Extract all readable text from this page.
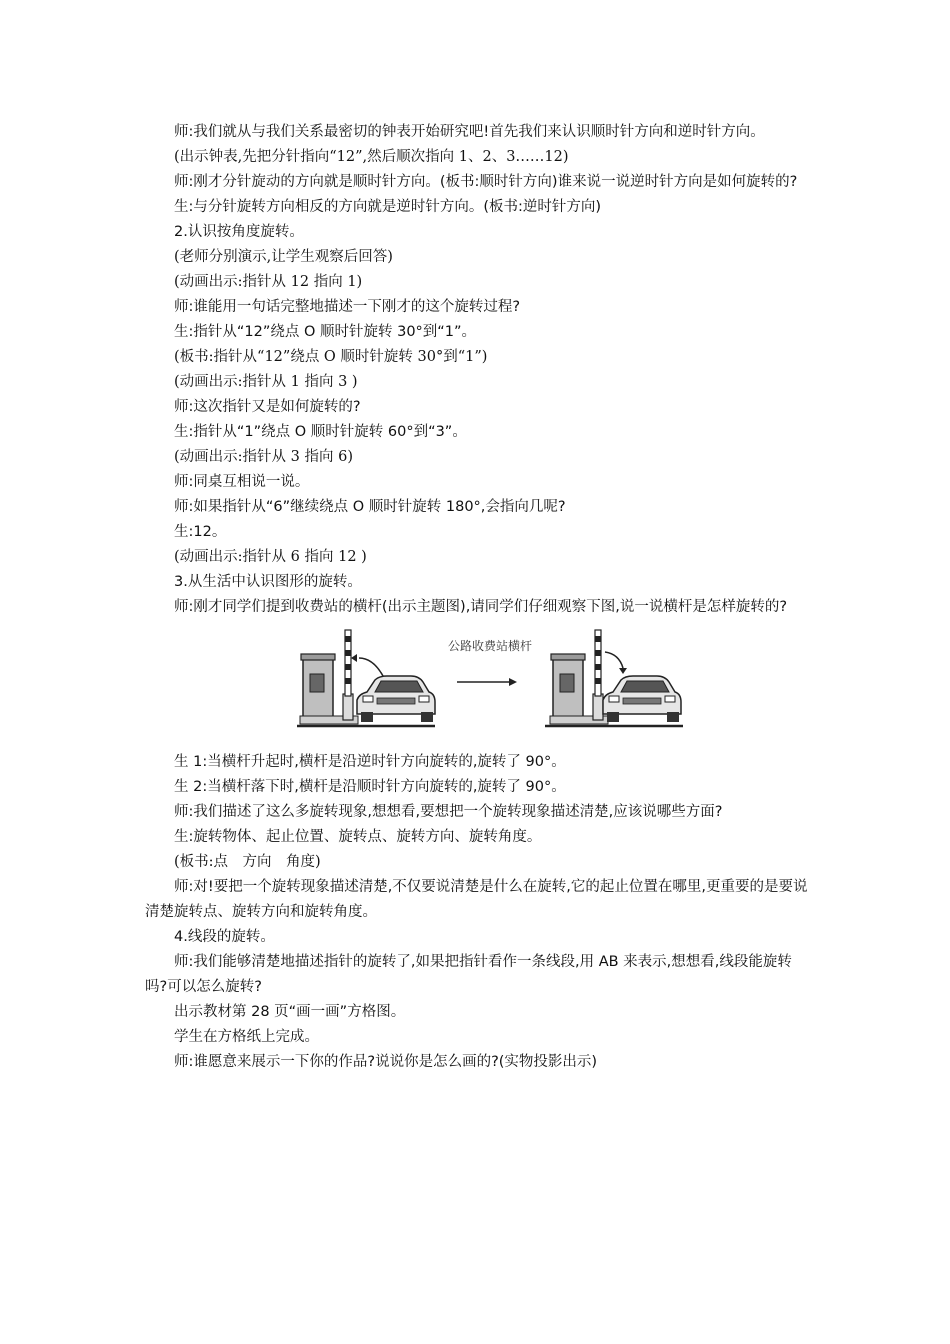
师:我们就从与我们关系最密切的钟表开始研究吧!首先我们来认识顺时针方向和逆时针方向。

(出示钟表,先把分针指向“12”,然后顺次指向 1、2、3……12)

师:刚才分针旋动的方向就是顺时针方向。(板书:顺时针方向)谁来说一说逆时针方向是如何旋转的?

生:与分针旋转方向相反的方向就是逆时针方向。(板书:逆时针方向)

2.认识按角度旋转。

(老师分别演示,让学生观察后回答)

(动画出示:指针从 12 指向 1)

师:谁能用一句话完整地描述一下刚才的这个旋转过程?

生:指针从“12”绕点 O 顺时针旋转 30°到“1”。

(板书:指针从“12”绕点 O 顺时针旋转 30°到“1”)

(动画出示:指针从 1 指向 3 )

师:这次指针又是如何旋转的?

生:指针从“1”绕点 O 顺时针旋转 60°到“3”。

(动画出示:指针从 3 指向 6)

师:同桌互相说一说。

师:如果指针从“6”继续绕点 O 顺时针旋转 180°,会指向几呢?

生:12。

(动画出示:指针从 6 指向 12 )

3.从生活中认识图形的旋转。

师:刚才同学们提到收费站的横杆(出示主题图),请同学们仔细观察下图,说一说横杆是怎样旋转的?

公路收费站横杆

生 1:当横杆升起时,横杆是沿逆时针方向旋转的,旋转了 90°。

生 2:当横杆落下时,横杆是沿顺时针方向旋转的,旋转了 90°。

师:我们描述了这么多旋转现象,想想看,要想把一个旋转现象描述清楚,应该说哪些方面?

生:旋转物体、起止位置、旋转点、旋转方向、旋转角度。

(板书:点　方向　角度)

师:对!要把一个旋转现象描述清楚,不仅要说清楚是什么在旋转,它的起止位置在哪里,更重要的是要说清楚旋转点、旋转方向和旋转角度。

4.线段的旋转。

师:我们能够清楚地描述指针的旋转了,如果把指针看作一条线段,用 AB 来表示,想想看,线段能旋转吗?可以怎么旋转?

出示教材第 28 页“画一画”方格图。

学生在方格纸上完成。

师:谁愿意来展示一下你的作品?说说你是怎么画的?(实物投影出示)
